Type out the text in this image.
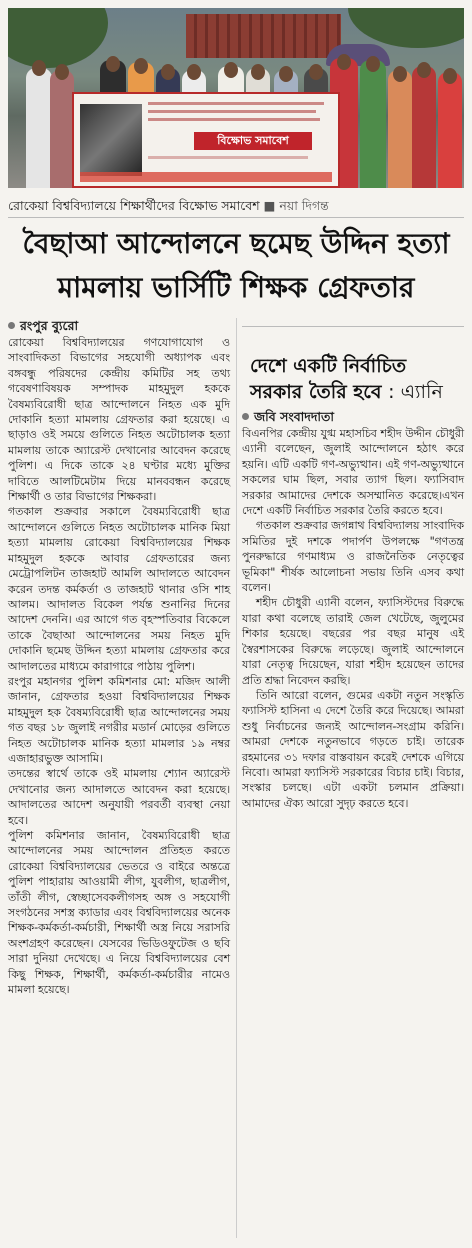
বিক্ষোভ সমাবেশ
রোকেয়া বিশ্ববিদ্যালয়ে শিক্ষার্থীদের বিক্ষোভ সমাবেশ ■ নয়া দিগন্ত
বৈছাআ আন্দোলনে ছমেছ উদ্দিন হত্যা
মামলায় ভার্সিটি শিক্ষক গ্রেফতার
রংপুর ব্যুরো

রোকেয়া বিশ্ববিদ্যালয়ের গণযোগাযোগ ও সাংবাদিকতা বিভাগের সহযোগী অধ্যাপক এবং বঙ্গবন্ধু পরিষদের কেন্দ্রীয় কমিটির সহ তথ্য গবেষণাবিষয়ক সম্পাদক মাহমুদুল হককে বৈষম্যবিরোধী ছাত্র আন্দোলনে নিহত এক মুদি দোকানি হত্যা মামলায় গ্রেফতার করা হয়েছে। এ ছাড়াও ওই সময়ে গুলিতে নিহত অটোচালক হত্যা মামলায় তাকে অ্যারেস্ট দেখানোর আবেদন করেছে পুলিশ। এ দিকে তাকে ২৪ ঘণ্টার মধ্যে মুক্তির দাবিতে আলটিমেটাম দিয়ে মানববন্ধন করেছে শিক্ষার্থী ও তার বিভাগের শিক্ষকরা।

গতকাল শুক্রবার সকালে বৈষম্যবিরোধী ছাত্র আন্দোলনে গুলিতে নিহত অটোচালক মানিক মিয়া হত্যা মামলায় রোকেয়া বিশ্ববিদ্যালয়ের শিক্ষক মাহমুদুল হককে আবার গ্রেফতারের জন্য মেট্রোপলিটন তাজহাট আমলি আদালতে আবেদন করেন তদন্ত কর্মকর্তা ও তাজহাট থানার ওসি শাহ আলম। আদালত বিকেল পর্যন্ত শুনানির দিনের আদেশ দেননি। এর আগে গত বৃহস্পতিবার বিকেলে তাকে বৈছাআ আন্দোলনের সময় নিহত মুদি দোকানি ছমেছ উদ্দিন হত্যা মামলায় গ্রেফতার করে আদালতের মাধ্যমে কারাগারে পাঠায় পুলিশ।

রংপুর মহানগর পুলিশ কমিশনার মো: মজিদ আলী জানান, গ্রেফতার হওয়া বিশ্ববিদ্যালয়ের শিক্ষক মাহমুদুল হক বৈষম্যবিরোধী ছাত্র আন্দোলনের সময় গত বছর ১৮ জুলাই নগরীর মডার্ন মোড়ের গুলিতে নিহত অটোচালক মানিক হত্যা মামলার ১৯ নম্বর এজাহারভুক্ত আসামি।

তদন্তের স্বার্থে তাকে ওই মামলায় শ্যোন অ্যারেস্ট দেখানোর জন্য আদালতে আবেদন করা হয়েছে। আদালতের আদেশ অনুযায়ী পরবর্তী ব্যবস্থা নেয়া হবে।

পুলিশ কমিশনার জানান, বৈষম্যবিরোধী ছাত্র আন্দোলনের সময় আন্দোলন প্রতিহত করতে রোকেয়া বিশ্ববিদ্যালয়ের ভেতরে ও বাইরে অন্তত্রে পুলিশ পাহারায় আওয়ামী লীগ, যুবলীগ, ছাত্রলীগ, তাঁতী লীগ, স্বেচ্ছাসেবকলীগসহ অঙ্গ ও সহযোগী সংগঠনের সশস্ত্র ক্যাডার এবং বিশ্ববিদ্যালয়ের অনেক শিক্ষক-কর্মকর্তা-কর্মচারী, শিক্ষার্থী অস্ত্র নিয়ে সরাসরি অংশগ্রহণ করেছেন। যেসবের ভিডিওফুটেজ ও ছবি সারা দুনিয়া দেখেছে। এ নিয়ে বিশ্ববিদ্যালয়ের বেশ কিছু শিক্ষক, শিক্ষার্থী, কর্মকর্তা-কর্মচারীর নামেও মামলা হয়েছে।

দেশে একটি নির্বাচিত
সরকার তৈরি হবে : এ্যানি
জবি সংবাদদাতা

বিএনপির কেন্দ্রীয় যুগ্ম মহাসচিব শহীদ উদ্দীন চৌধুরী এ্যানী বলেছেন, জুলাই আন্দোলনে হঠাৎ করে হয়নি। এটি একটি গণ-অভ্যুত্থান। এই গণ-অভ্যুত্থানে সকলের ঘাম ছিল, সবার ত্যাগ ছিল। ফ্যাসিবাদ সরকার আমাদের দেশকে অসম্মানিত করেছে।এখন দেশে একটি নির্বাচিত সরকার তৈরি করতে হবে।

গতকাল শুক্রবার জগন্নাথ বিশ্ববিদ্যালয় সাংবাদিক সমিতির দুই দশকে পদার্পণ উপলক্ষে "গণতন্ত্র পুনরুদ্ধারে গণমাধ্যম ও রাজনৈতিক নেতৃত্বের ভূমিকা" শীর্ষক আলোচনা সভায় তিনি এসব কথা বলেন।

শহীদ চৌধুরী এ্যানী বলেন, ফ্যাসিস্টদের বিরুদ্ধে যারা কথা বলেছে তারাই জেল খেটেছে, জুলুমের শিকার হয়েছে। বছরের পর বছর মানুষ এই স্বৈরশাসকের বিরুদ্ধে লড়েছে। জুলাই আন্দোলনে যারা নেতৃত্ব দিয়েছেন, যারা শহীদ হয়েছেন তাদের প্রতি শ্রদ্ধা নিবেদন করছি।

তিনি আরো বলেন, গুমের একটা নতুন সংস্কৃতি ফ্যাসিস্ট হাসিনা এ দেশে তৈরি করে দিয়েছে। আমরা শুধু নির্বাচনের জন্যই আন্দোলন-সংগ্রাম করিনি। আমরা দেশকে নতুনভাবে গড়তে চাই। তারেক রহমানের ৩১ দফার বাস্তবায়ন করেই দেশকে এগিয়ে নিবো। আমরা ফ্যাসিস্ট সরকারের বিচার চাই। বিচার, সংস্কার চলছে। এটা একটা চলমান প্রক্রিয়া। আমাদের ঐক্য আরো সুদৃঢ় করতে হবে।
